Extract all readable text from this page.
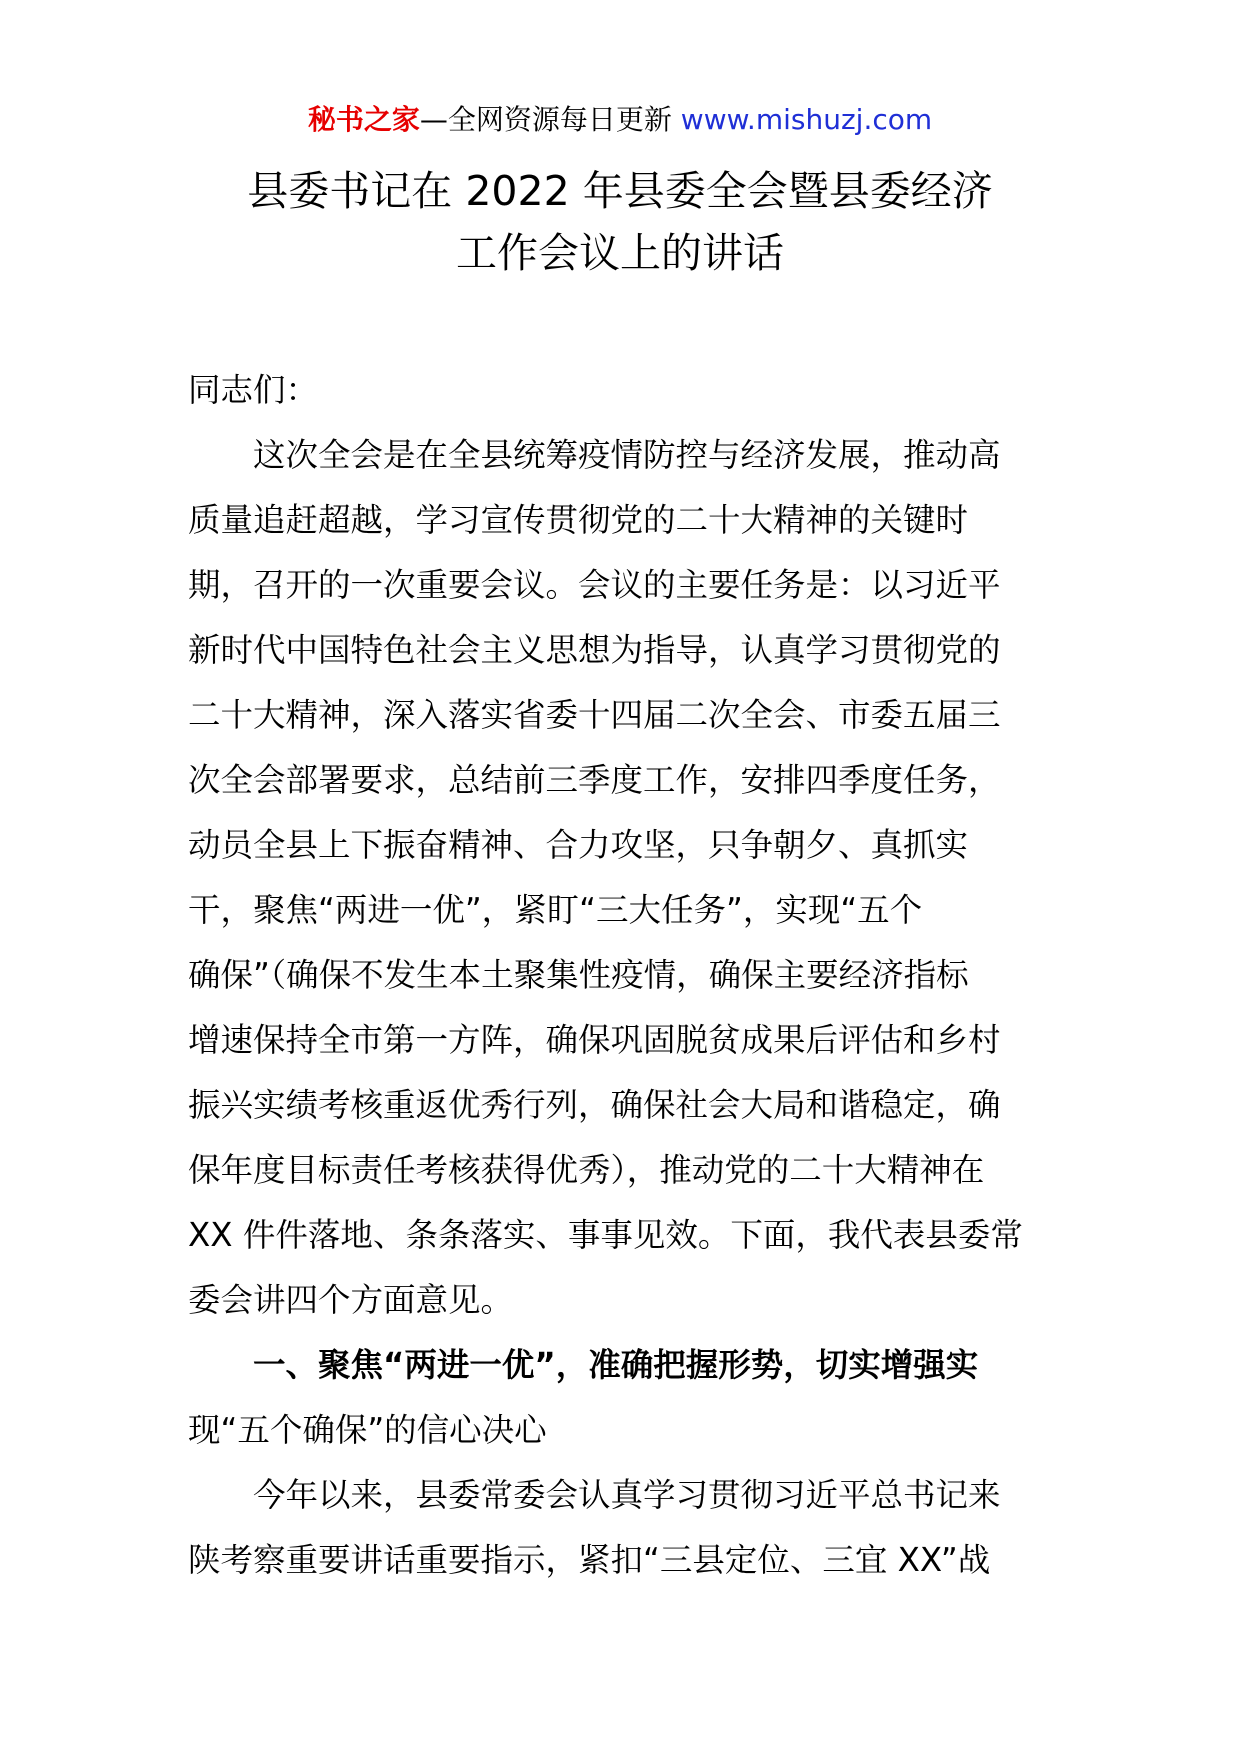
秘书之家—全网资源每日更新 www.mishuzj.com
县委书记在 2022 年县委全会暨县委经济
工作会议上的讲话
同志们：
　　这次全会是在全县统筹疫情防控与经济发展，推动高
质量追赶超越，学习宣传贯彻党的二十大精神的关键时
期，召开的一次重要会议。会议的主要任务是：以习近平
新时代中国特色社会主义思想为指导，认真学习贯彻党的
二十大精神，深入落实省委十四届二次全会、市委五届三
次全会部署要求，总结前三季度工作，安排四季度任务，
动员全县上下振奋精神、合力攻坚，只争朝夕、真抓实
干，聚焦“两进一优”，紧盯“三大任务”，实现“五个
确保”（确保不发生本土聚集性疫情，确保主要经济指标
增速保持全市第一方阵，确保巩固脱贫成果后评估和乡村
振兴实绩考核重返优秀行列，确保社会大局和谐稳定，确
保年度目标责任考核获得优秀），推动党的二十大精神在
XX 件件落地、条条落实、事事见效。下面，我代表县委常
委会讲四个方面意见。
　　一、聚焦“两进一优”，准确把握形势，切实增强实
现“五个确保”的信心决心
　　今年以来，县委常委会认真学习贯彻习近平总书记来
陕考察重要讲话重要指示，紧扣“三县定位、三宜 XX”战
